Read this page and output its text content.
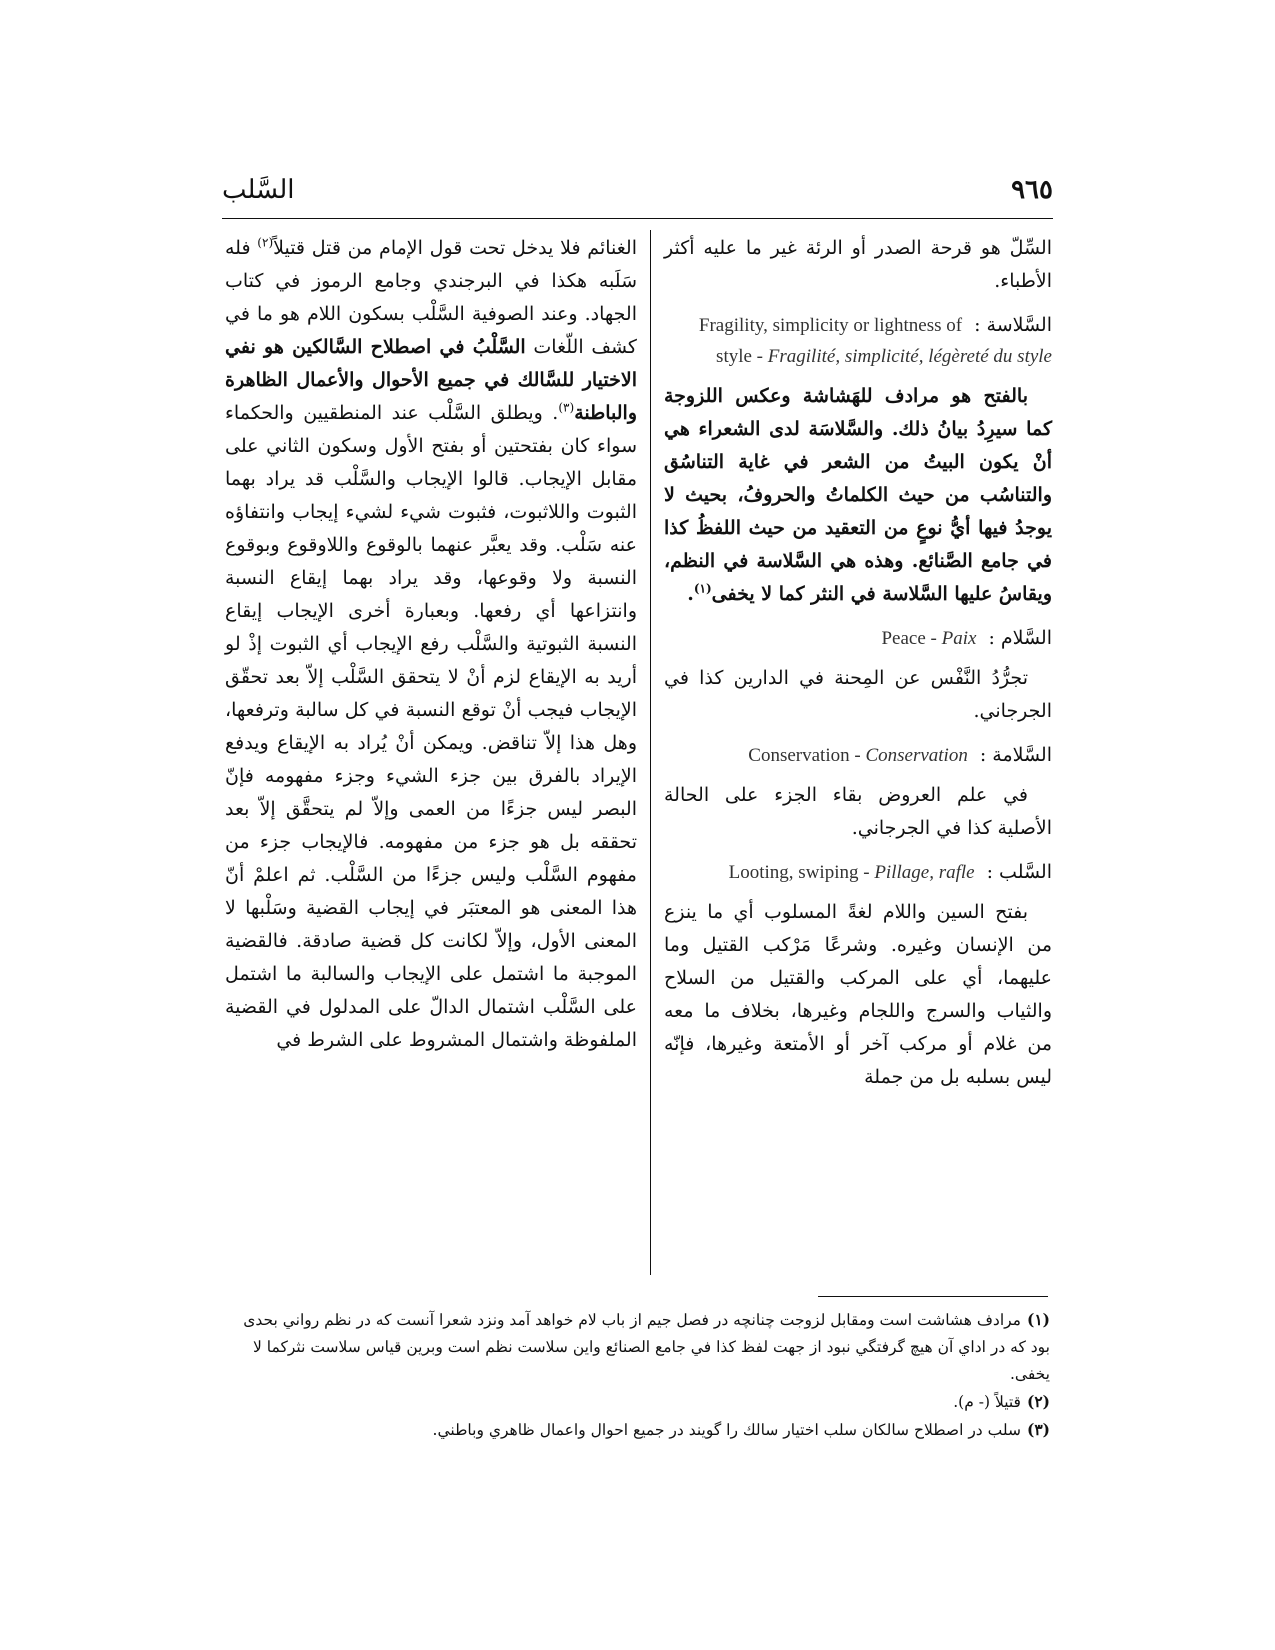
٩٦٥
السَّلب

السِّلّ هو قرحة الصدر أو الرئة غير ما عليه أكثر الأطباء.

السَّلاسة: Fragility, simplicity or lightness of style - Fragilité, simplicité, légèreté du style

بالفتح هو مرادف للهَشاشة وعكس اللزوجة كما سيرِدُ بيانُ ذلك. والسَّلاسَة لدى الشعراء هي أنْ يكون البيتُ من الشعر في غاية التناسُق والتناسُب من حيث الكلماتُ والحروفُ، بحيث لا يوجدُ فيها أيُّ نوعٍ من التعقيد من حيث اللفظُ كذا في جامع الصَّنائع. وهذه هي السَّلاسة في النظم، ويقاسُ عليها السَّلاسة في النثر كما لا يخفى$^{(١)}$.

السَّلام: Peace - Paix

تجرُّدُ النَّفْس عن المِحنة في الدارين كذا في الجرجاني.

السَّلامة: Conservation - Conservation

في علم العروض بقاء الجزء على الحالة الأصلية كذا في الجرجاني.

السَّلب: Looting, swiping - Pillage, rafle

بفتح السين واللام لغةً المسلوب أي ما ينزع من الإنسان وغيره. وشرعًا مَرْكب القتيل وما عليهما، أي على المركب والقتيل من السلاح والثياب والسرج واللجام وغيرها، بخلاف ما معه من غلام أو مركب آخر أو الأمتعة وغيرها، فإنّه ليس بسلبه بل من جملة

الغنائم فلا يدخل تحت قول الإمام من قتل قتيلاً$^{(٢)}$ فله سَلَبه هكذا في البرجندي وجامع الرموز في كتاب الجهاد. وعند الصوفية السَّلْب بسكون اللام هو ما في كشف اللّغات السَّلْبُ في اصطلاح السَّالكين هو نفي الاختيار للسَّالك في جميع الأحوال والأعمال الظاهرة والباطنة$^{(٣)}$. ويطلق السَّلْب عند المنطقيين والحكماء سواء كان بفتحتين أو بفتح الأول وسكون الثاني على مقابل الإيجاب. قالوا الإيجاب والسَّلْب قد يراد بهما الثبوت واللاثبوت، فثبوت شيء لشيء إيجاب وانتفاؤه عنه سَلْب. وقد يعبَّر عنهما بالوقوع واللاوقوع وبوقوع النسبة ولا وقوعها، وقد يراد بهما إيقاع النسبة وانتزاعها أي رفعها. وبعبارة أخرى الإيجاب إيقاع النسبة الثبوتية والسَّلْب رفع الإيجاب أي الثبوت إذْ لو أريد به الإيقاع لزم أنْ لا يتحقق السَّلْب إلاّ بعد تحقّق الإيجاب فيجب أنْ توقع النسبة في كل سالبة وترفعها، وهل هذا إلاّ تناقض. ويمكن أنْ يُراد به الإيقاع ويدفع الإيراد بالفرق بين جزء الشيء وجزء مفهومه فإنّ البصر ليس جزءًا من العمى وإلاّ لم يتحقَّق إلاّ بعد تحققه بل هو جزء من مفهومه. فالإيجاب جزء من مفهوم السَّلْب وليس جزءًا من السَّلْب. ثم اعلمْ أنّ هذا المعنى هو المعتبَر في إيجاب القضية وسَلْبها لا المعنى الأول، وإلاّ لكانت كل قضية صادقة. فالقضية الموجبة ما اشتمل على الإيجاب والسالبة ما اشتمل على السَّلْب اشتمال الدالّ على المدلول في القضية الملفوظة واشتمال المشروط على الشرط في

(١)مرادف هشاشت است ومقابل لزوجت چنانچه در فصل جيم از باب لام خواهد آمد ونزد شعرا آنست كه در نظم رواني بحدى بود كه در اداي آن هيچ گرفتگي نبود از جهت لفظ كذا في جامع الصنائع واين سلاست نظم است وبرين قياس سلاست نثركما لا يخفى.

(٢)قتيلاً (- م).

(٣)سلب در اصطلاح سالكان سلب اختيار سالك را گويند در جميع احوال واعمال ظاهري وباطني.
